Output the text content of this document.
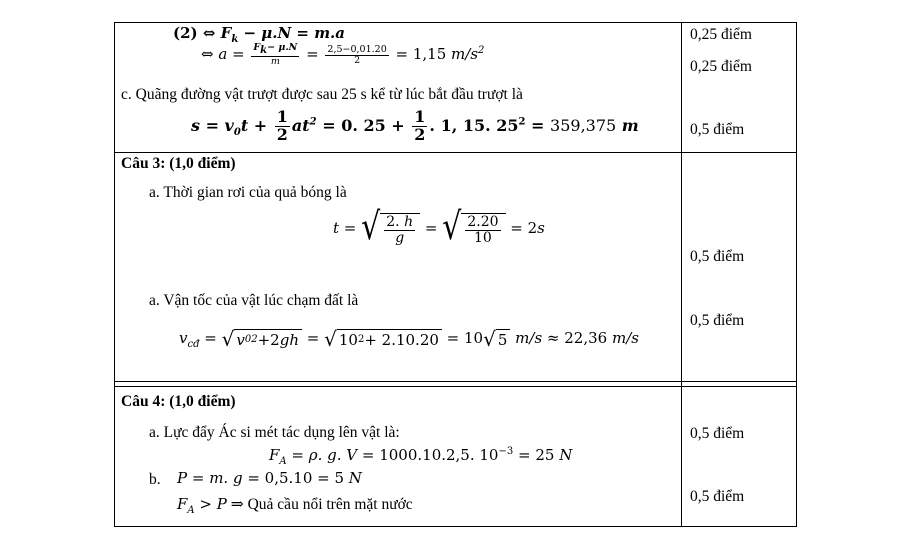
(2) ⇔ $F_k - \mu.N = m.a$
⇔ $a = \frac{F_k- \mu.N}{m} = \frac{2,5-0,01.20}{2} = 1,15$ $m/s^2$
c. Quãng đường vật trượt được sau 25 s kể từ lúc bắt đầu trượt là
$s = v_0t + \frac{1}{2} at^2 = 0$. $25 + \frac{1}{2}$ . 1, 15. $25^2 = 359,375$ m
Câu 3: (1,0 điểm)
a. Thời gian rơi của quả bóng là
t = √ $\frac{2. h}{g}$ = √ $\frac{2.20}{10} = 2s$
a. Vận tốc của vật lúc chạm đất là
$v_{cđ}$ = √ v 0 2 + 2 gh = √ 10 2 + 2.10.20 = 10 √ 5 m/s ≈ 22,36 m/s
Câu 4: (1,0 điểm)
a. Lực đẩy Ác si mét tác dụng lên vật là:
$F_A = \rho$. g. V = 1000.10.2,5. $10^{-3} = 25$ N
b. P = m. g = 0,5.10 = 5 N
$F_A > P$ ⇒ Quả cầu nổi trên mặt nước
0,25 điểm
0,25 điểm
0,5 điểm
0,5 điểm
0,5 điểm
0,5 điểm
0,5 điểm
